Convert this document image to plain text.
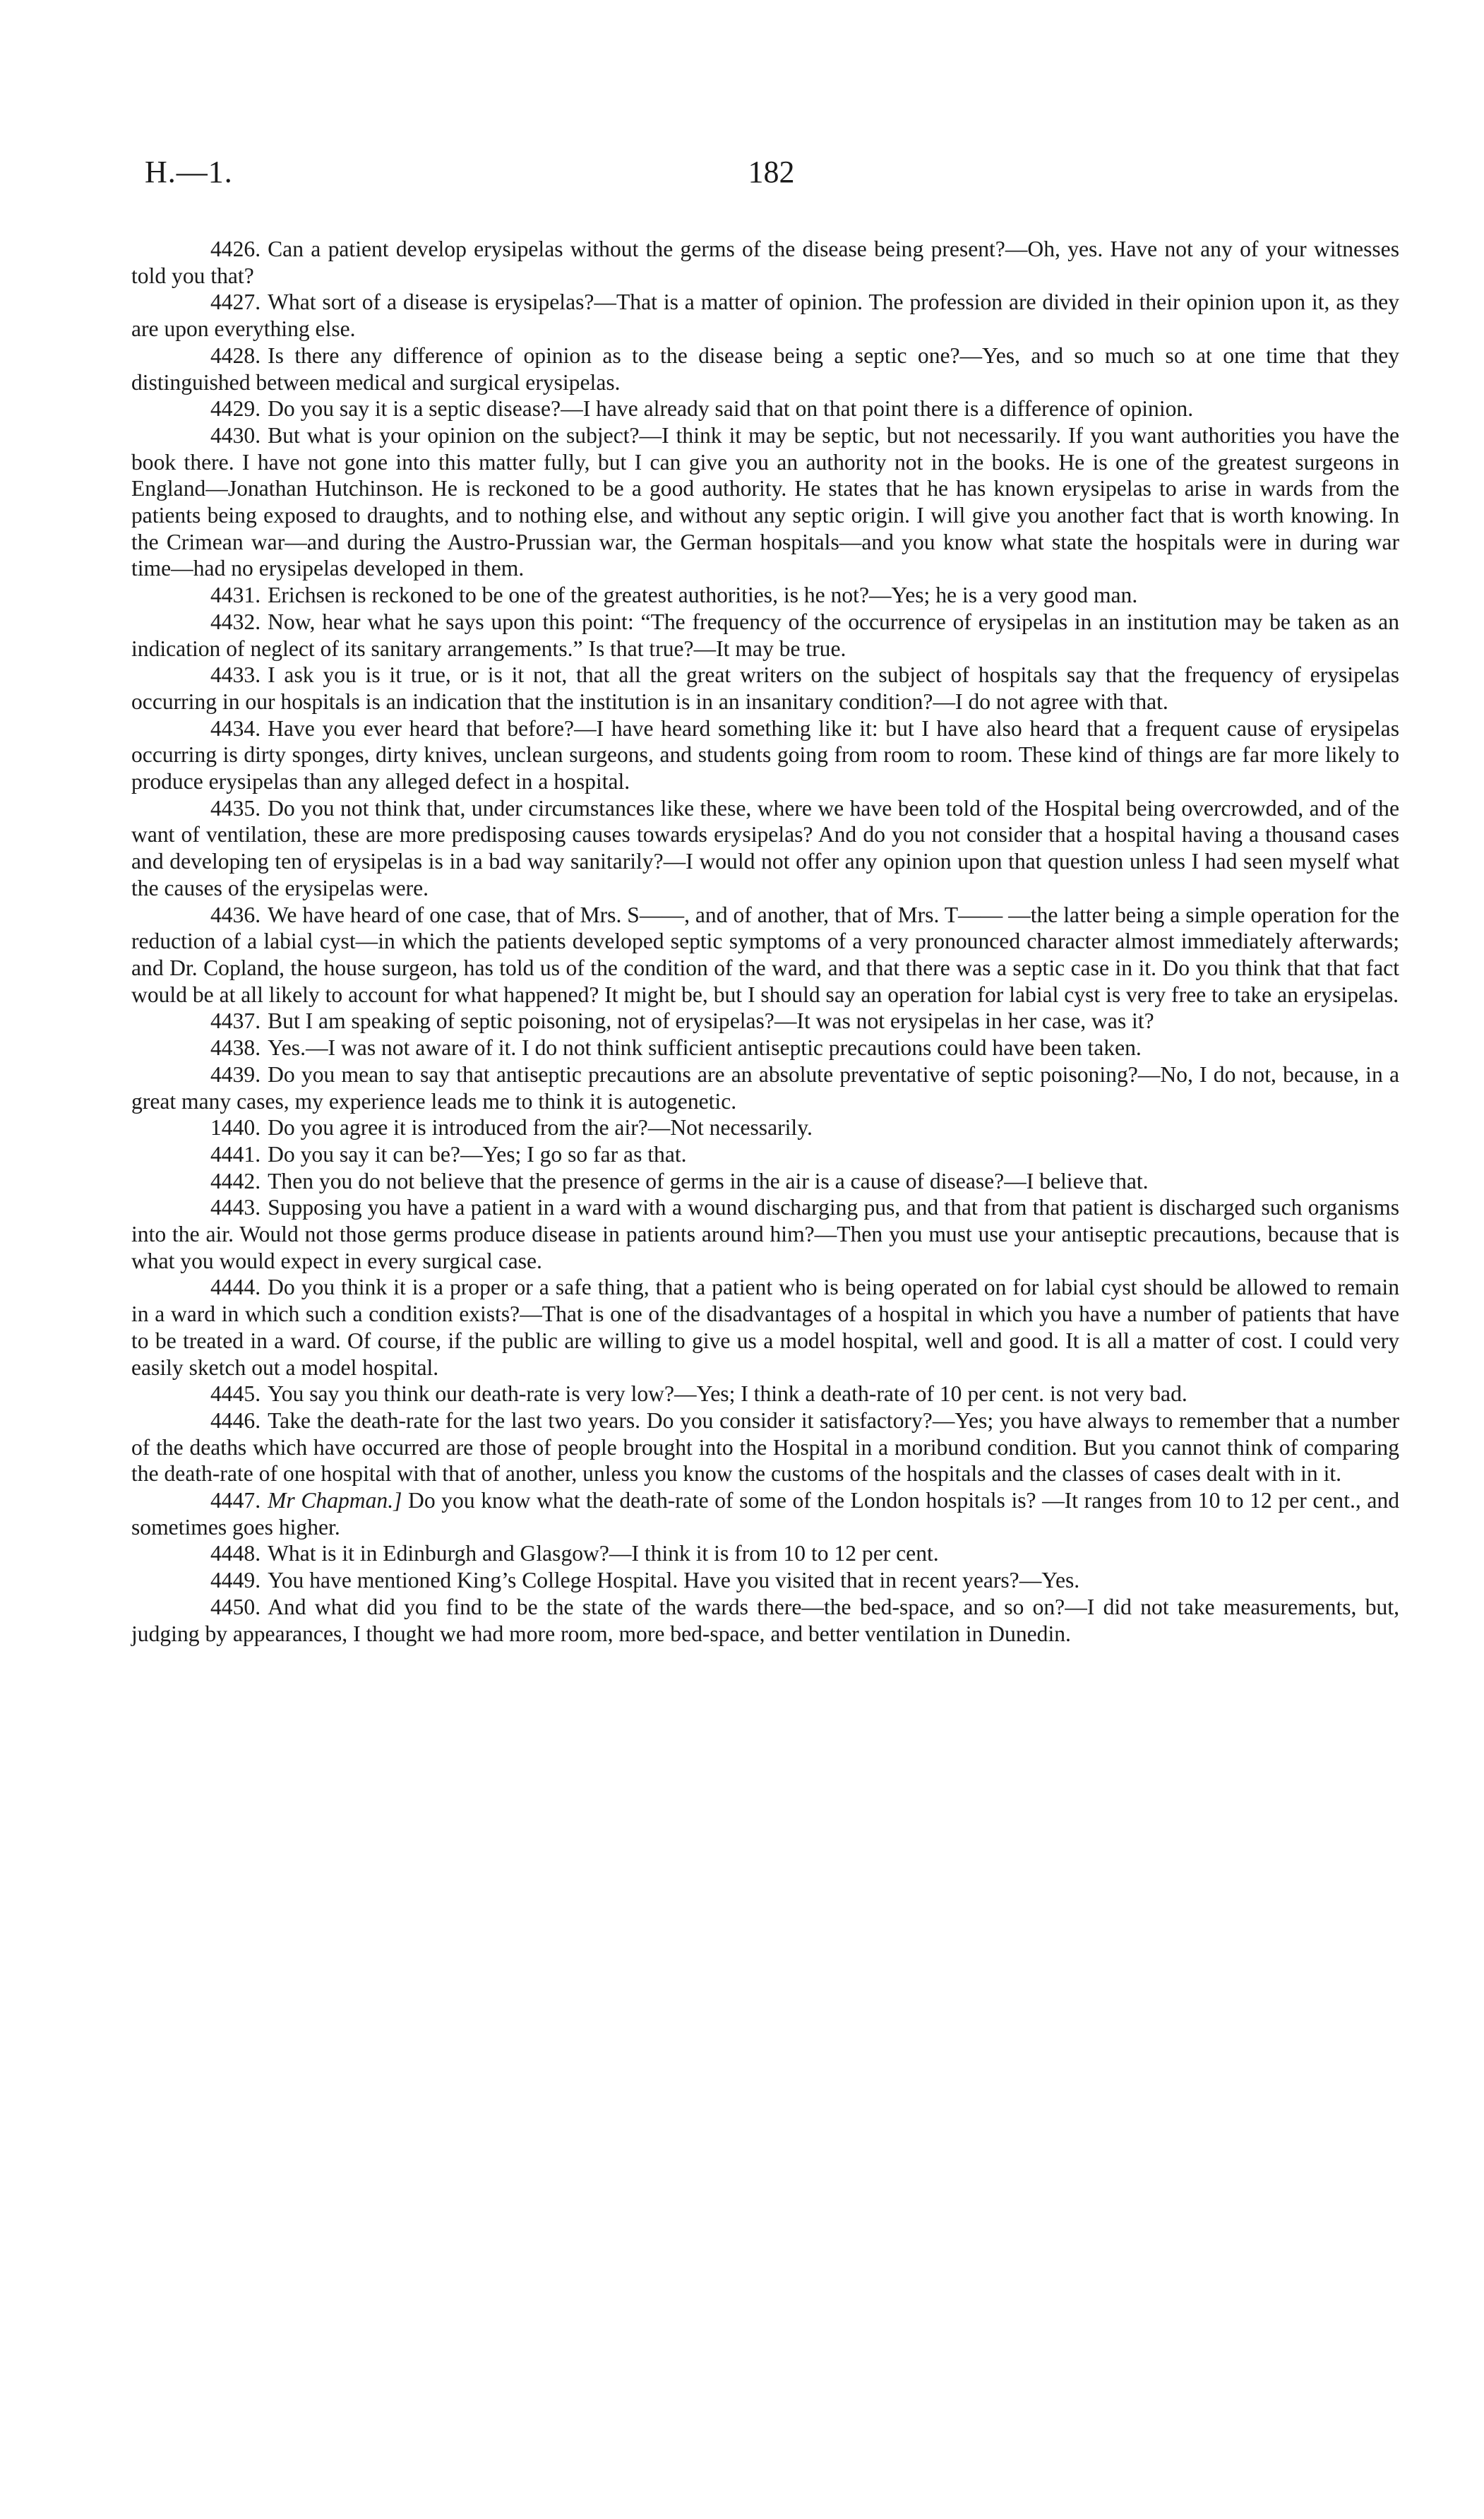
H.—1.	182

4426. Can a patient develop erysipelas without the germs of the disease being present?—Oh, yes. Have not any of your witnesses told you that?

4427. What sort of a disease is erysipelas?—That is a matter of opinion. The profession are divided in their opinion upon it, as they are upon everything else.

4428. Is there any difference of opinion as to the disease being a septic one?—Yes, and so much so at one time that they distinguished between medical and surgical erysipelas.

4429. Do you say it is a septic disease?—I have already said that on that point there is a difference of opinion.

4430. But what is your opinion on the subject?—I think it may be septic, but not necessarily. If you want authorities you have the book there. I have not gone into this matter fully, but I can give you an authority not in the books. He is one of the greatest surgeons in England—Jonathan Hutchinson. He is reckoned to be a good authority. He states that he has known erysipelas to arise in wards from the patients being exposed to draughts, and to nothing else, and without any septic origin. I will give you another fact that is worth knowing. In the Crimean war—and during the Austro-Prussian war, the German hospitals—and you know what state the hospitals were in during war time—had no erysipelas developed in them.

4431. Erichsen is reckoned to be one of the greatest authorities, is he not?—Yes; he is a very good man.

4432. Now, hear what he says upon this point: “The frequency of the occurrence of erysipelas in an institution may be taken as an indication of neglect of its sanitary arrangements.” Is that true?—It may be true.

4433. I ask you is it true, or is it not, that all the great writers on the subject of hospitals say that the frequency of erysipelas occurring in our hospitals is an indication that the institution is in an insanitary condition?—I do not agree with that.

4434. Have you ever heard that before?—I have heard something like it: but I have also heard that a frequent cause of erysipelas occurring is dirty sponges, dirty knives, unclean surgeons, and students going from room to room. These kind of things are far more likely to produce erysipelas than any alleged defect in a hospital.

4435. Do you not think that, under circumstances like these, where we have been told of the Hospital being overcrowded, and of the want of ventilation, these are more predisposing causes towards erysipelas? And do you not consider that a hospital having a thousand cases and developing ten of erysipelas is in a bad way sanitarily?—I would not offer any opinion upon that question unless I had seen myself what the causes of the erysipelas were.

4436. We have heard of one case, that of Mrs. S——, and of another, that of Mrs. T—— —the latter being a simple operation for the reduction of a labial cyst—in which the patients developed septic symptoms of a very pronounced character almost immediately afterwards; and Dr. Copland, the house surgeon, has told us of the condition of the ward, and that there was a septic case in it. Do you think that that fact would be at all likely to account for what happened? It might be, but I should say an operation for labial cyst is very free to take an erysipelas.

4437. But I am speaking of septic poisoning, not of erysipelas?—It was not erysipelas in her case, was it?

4438. Yes.—I was not aware of it. I do not think sufficient antiseptic precautions could have been taken.

4439. Do you mean to say that antiseptic precautions are an absolute preventative of septic poisoning?—No, I do not, because, in a great many cases, my experience leads me to think it is autogenetic.

1440. Do you agree it is introduced from the air?—Not necessarily.

4441. Do you say it can be?—Yes; I go so far as that.

4442. Then you do not believe that the presence of germs in the air is a cause of disease?—I believe that.

4443. Supposing you have a patient in a ward with a wound discharging pus, and that from that patient is discharged such organisms into the air. Would not those germs produce disease in patients around him?—Then you must use your antiseptic precautions, because that is what you would expect in every surgical case.

4444. Do you think it is a proper or a safe thing, that a patient who is being operated on for labial cyst should be allowed to remain in a ward in which such a condition exists?—That is one of the disadvantages of a hospital in which you have a number of patients that have to be treated in a ward. Of course, if the public are willing to give us a model hospital, well and good. It is all a matter of cost. I could very easily sketch out a model hospital.

4445. You say you think our death-rate is very low?—Yes; I think a death-rate of 10 per cent. is not very bad.

4446. Take the death-rate for the last two years. Do you consider it satisfactory?—Yes; you have always to remember that a number of the deaths which have occurred are those of people brought into the Hospital in a moribund condition. But you cannot think of comparing the death-rate of one hospital with that of another, unless you know the customs of the hospitals and the classes of cases dealt with in it.

4447. Mr Chapman.] Do you know what the death-rate of some of the London hospitals is? —It ranges from 10 to 12 per cent., and sometimes goes higher.

4448. What is it in Edinburgh and Glasgow?—I think it is from 10 to 12 per cent.

4449. You have mentioned King’s College Hospital. Have you visited that in recent years?—Yes.

4450. And what did you find to be the state of the wards there—the bed-space, and so on?—I did not take measurements, but, judging by appearances, I thought we had more room, more bed-space, and better ventilation in Dunedin.
